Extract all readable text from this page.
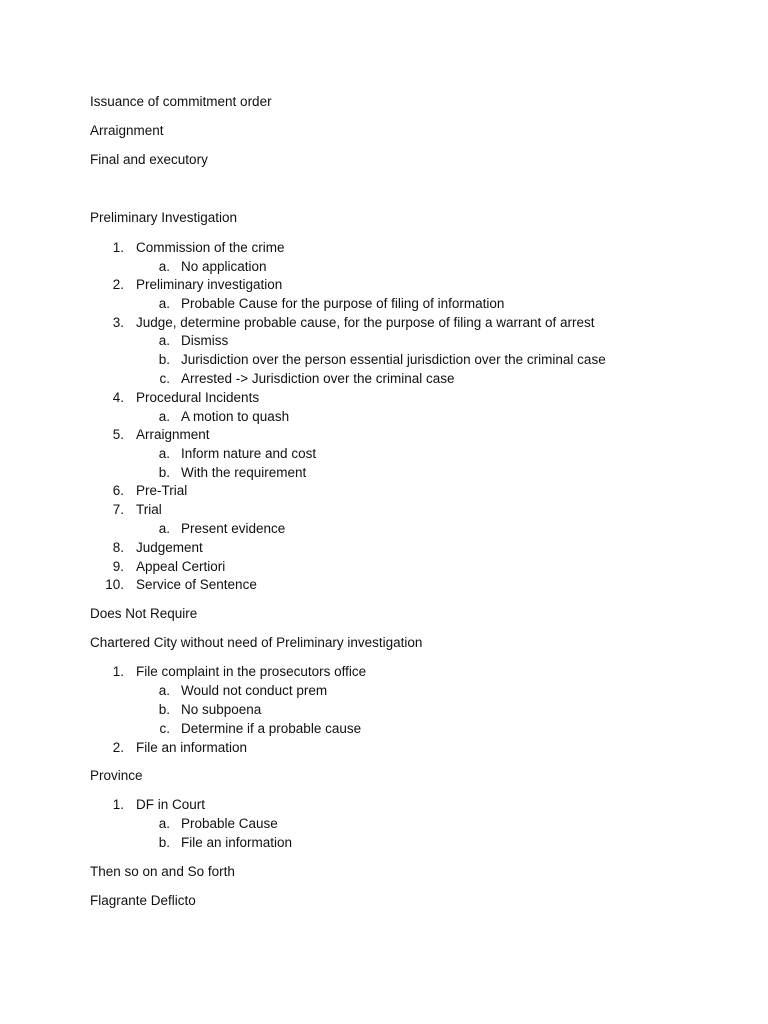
Issuance of commitment order
Arraignment
Final and executory
Preliminary Investigation
1. Commission of the crime
a. No application
2. Preliminary investigation
a. Probable Cause for the purpose of filing of information
3. Judge, determine probable cause, for the purpose of filing a warrant of arrest
a. Dismiss
b. Jurisdiction over the person essential jurisdiction over the criminal case
c. Arrested -> Jurisdiction over the criminal case
4. Procedural Incidents
a. A motion to quash
5. Arraignment
a. Inform nature and cost
b. With the requirement
6. Pre-Trial
7. Trial
a. Present evidence
8. Judgement
9. Appeal Certiori
10. Service of Sentence
Does Not Require
Chartered City without need of Preliminary investigation
1. File complaint in the prosecutors office
a. Would not conduct prem
b. No subpoena
c. Determine if a probable cause
2. File an information
Province
1. DF in Court
a. Probable Cause
b. File an information
Then so on and So forth
Flagrante Deflicto
